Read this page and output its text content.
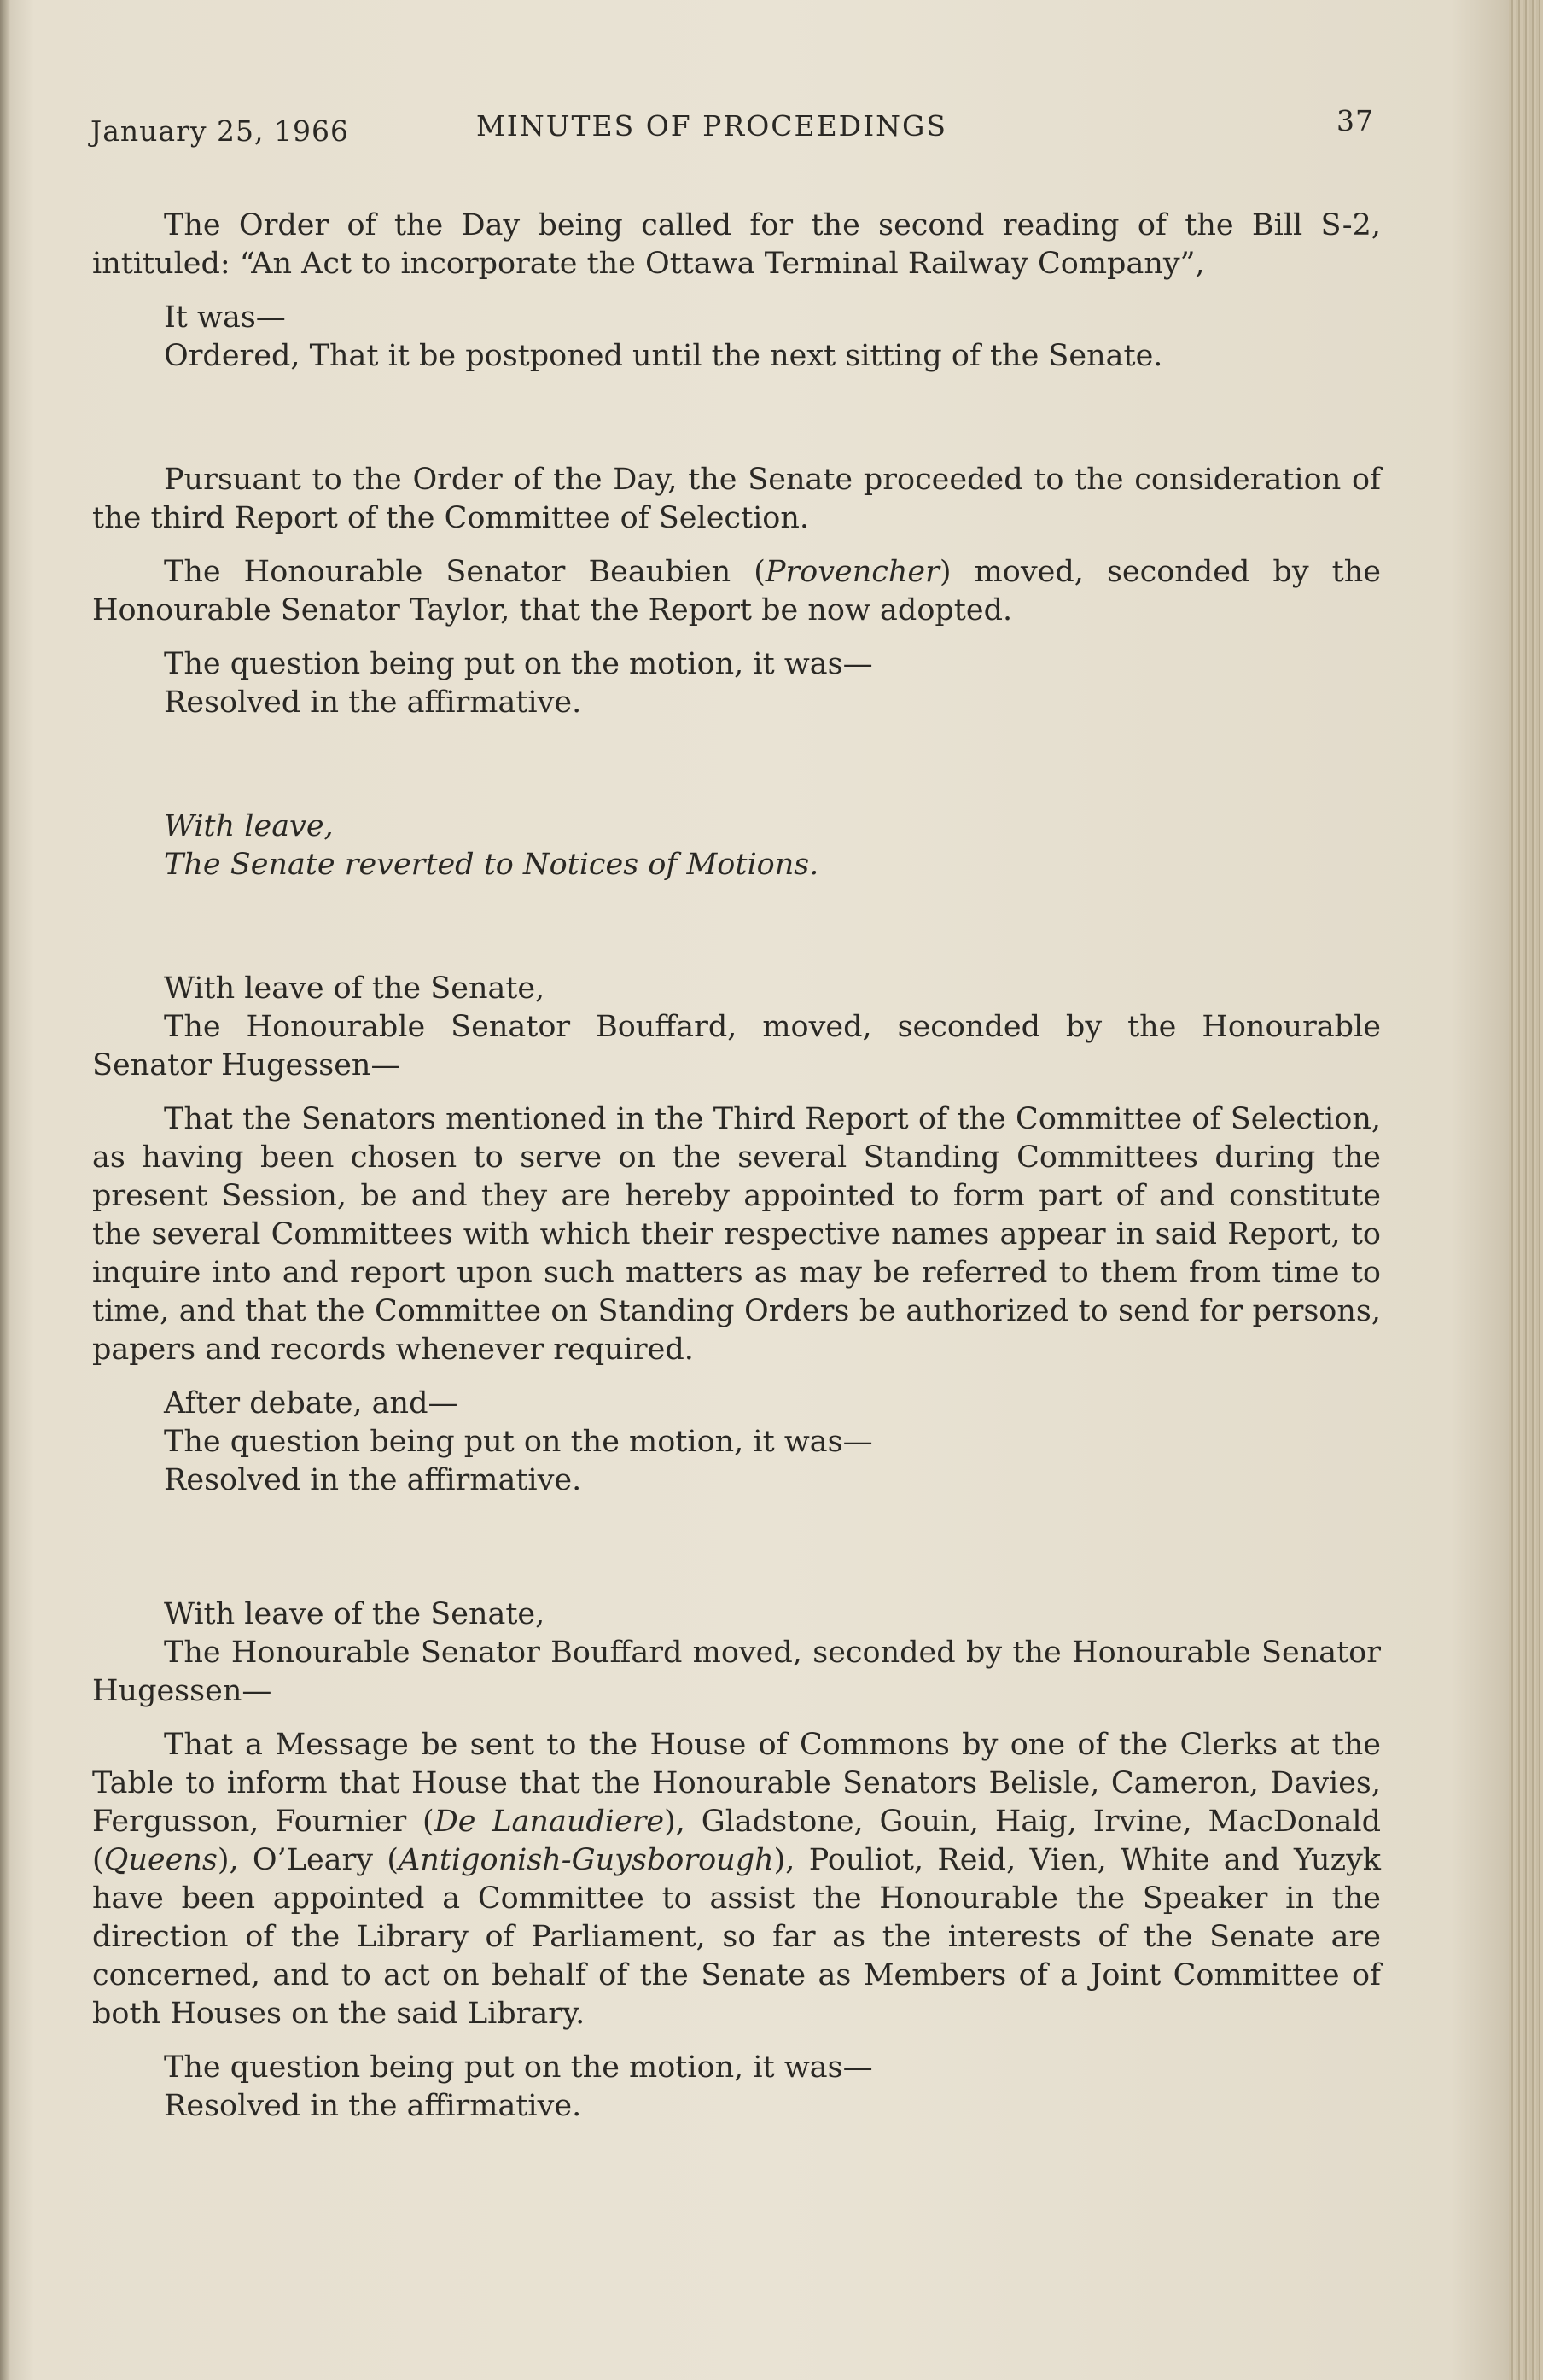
January 25, 1966	MINUTES OF PROCEEDINGS	37

The Order of the Day being called for the second reading of the Bill S-2, intituled: “An Act to incorporate the Ottawa Terminal Railway Company”,

It was—

Ordered, That it be postponed until the next sitting of the Senate.

Pursuant to the Order of the Day, the Senate proceeded to the consideration of the third Report of the Committee of Selection.

The Honourable Senator Beaubien (Provencher) moved, seconded by the Honourable Senator Taylor, that the Report be now adopted.

The question being put on the motion, it was—

Resolved in the affirmative.

With leave,

The Senate reverted to Notices of Motions.

With leave of the Senate,

The Honourable Senator Bouffard, moved, seconded by the Honourable Senator Hugessen—

That the Senators mentioned in the Third Report of the Committee of Selection, as having been chosen to serve on the several Standing Committees during the present Session, be and they are hereby appointed to form part of and constitute the several Committees with which their respective names appear in said Report, to inquire into and report upon such matters as may be referred to them from time to time, and that the Committee on Standing Orders be authorized to send for persons, papers and records whenever required.

After debate, and—

The question being put on the motion, it was—

Resolved in the affirmative.

With leave of the Senate,

The Honourable Senator Bouffard moved, seconded by the Honourable Senator Hugessen—

That a Message be sent to the House of Commons by one of the Clerks at the Table to inform that House that the Honourable Senators Belisle, Cameron, Davies, Fergusson, Fournier (De Lanaudiere), Gladstone, Gouin, Haig, Irvine, MacDonald (Queens), O’Leary (Antigonish-Guysborough), Pouliot, Reid, Vien, White and Yuzyk have been appointed a Committee to assist the Honourable the Speaker in the direction of the Library of Parliament, so far as the interests of the Senate are concerned, and to act on behalf of the Senate as Members of a Joint Committee of both Houses on the said Library.

The question being put on the motion, it was—

Resolved in the affirmative.
